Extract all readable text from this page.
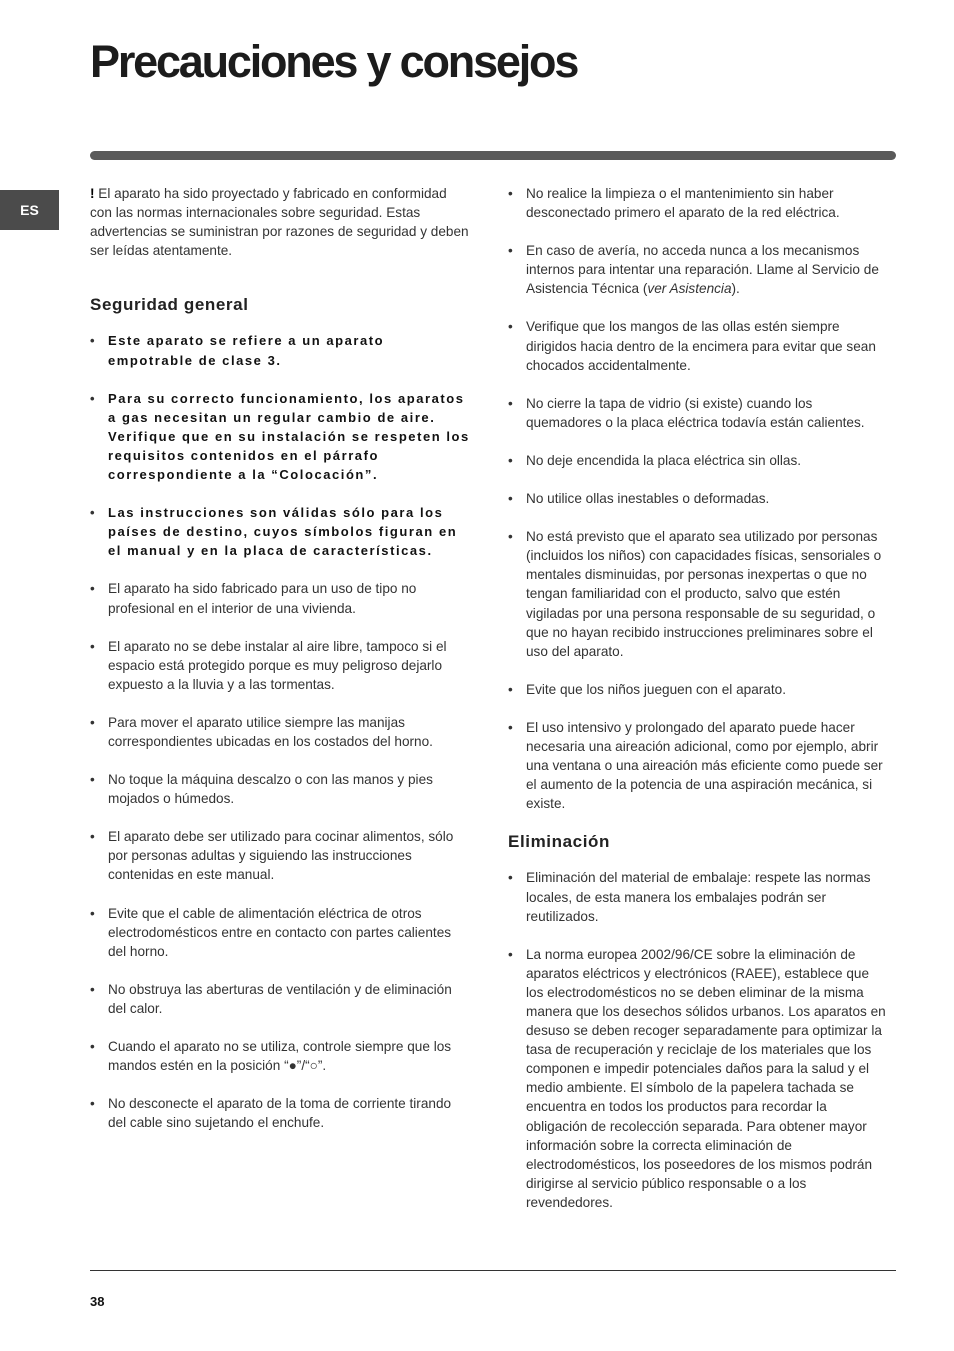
Precauciones y consejos
ES

! El aparato ha sido proyectado y fabricado en conformidad con las normas internacionales sobre seguridad. Estas advertencias se suministran por razones de seguridad y deben ser leídas atentamente.

Seguridad general
• Este aparato se refiere a un aparato empotrable de clase 3.
• Para su correcto funcionamiento, los aparatos a gas necesitan un regular cambio de aire. Verifique que en su instalación se respeten los requisitos contenidos en el párrafo correspondiente a la “Colocación”.
• Las instrucciones son válidas sólo para los países de destino, cuyos símbolos figuran en el manual y en la placa de características.
• El aparato ha sido fabricado para un uso de tipo no profesional en el interior de una vivienda.
• El aparato no se debe instalar al aire libre, tampoco si el espacio está protegido porque es muy peligroso dejarlo expuesto a la lluvia y a las tormentas.
• Para mover el aparato utilice siempre las manijas correspondientes ubicadas en los costados del horno.
• No toque la máquina descalzo o con las manos y pies mojados o húmedos.
• El aparato debe ser utilizado para cocinar alimentos, sólo por personas adultas y siguiendo las instrucciones contenidas en este manual.
• Evite que el cable de alimentación eléctrica de otros electrodomésticos entre en contacto con partes calientes del horno.
• No obstruya las aberturas de ventilación y de eliminación del calor.
• Cuando el aparato no se utiliza, controle siempre que los mandos estén en la posición “●”/“○”.
• No desconecte el aparato de la toma de corriente tirando del cable sino sujetando el enchufe.
• No realice la limpieza o el mantenimiento sin haber desconectado primero el aparato de la red eléctrica.
• En caso de avería, no acceda nunca a los mecanismos internos para intentar una reparación. Llame al Servicio de Asistencia Técnica (ver Asistencia).
• Verifique que los mangos de las ollas estén siempre dirigidos hacia dentro de la encimera para evitar que sean chocados accidentalmente.
• No cierre la tapa de vidrio (si existe) cuando los quemadores o la placa eléctrica todavía están calientes.
• No deje encendida la placa eléctrica sin ollas.
• No utilice ollas inestables o deformadas.
• No está previsto que el aparato sea utilizado por personas (incluidos los niños) con capacidades físicas, sensoriales o mentales disminuidas, por personas inexpertas o que no tengan familiaridad con el producto, salvo que estén vigiladas por una persona responsable de su seguridad, o que no hayan recibido instrucciones preliminares sobre el uso del aparato.
• Evite que los niños jueguen con el aparato.
• El uso intensivo y prolongado del aparato puede hacer necesaria una aireación adicional, como por ejemplo, abrir una ventana o una aireación más eficiente como puede ser el aumento de la potencia de una aspiración mecánica, si existe.
Eliminación
• Eliminación del material de embalaje: respete las normas locales, de esta manera los embalajes podrán ser reutilizados.
• La norma europea 2002/96/CE sobre la eliminación de aparatos eléctricos y electrónicos (RAEE), establece que los electrodomésticos no se deben eliminar de la misma manera que los desechos sólidos urbanos. Los aparatos en desuso se deben recoger separadamente para optimizar la tasa de recuperación y reciclaje de los materiales que los componen e impedir potenciales daños para la salud y el medio ambiente. El símbolo de la papelera tachada se encuentra en todos los productos para recordar la obligación de recolección separada. Para obtener mayor información sobre la correcta eliminación de electrodomésticos, los poseedores de los mismos podrán dirigirse al servicio público responsable o a los revendedores.
38
